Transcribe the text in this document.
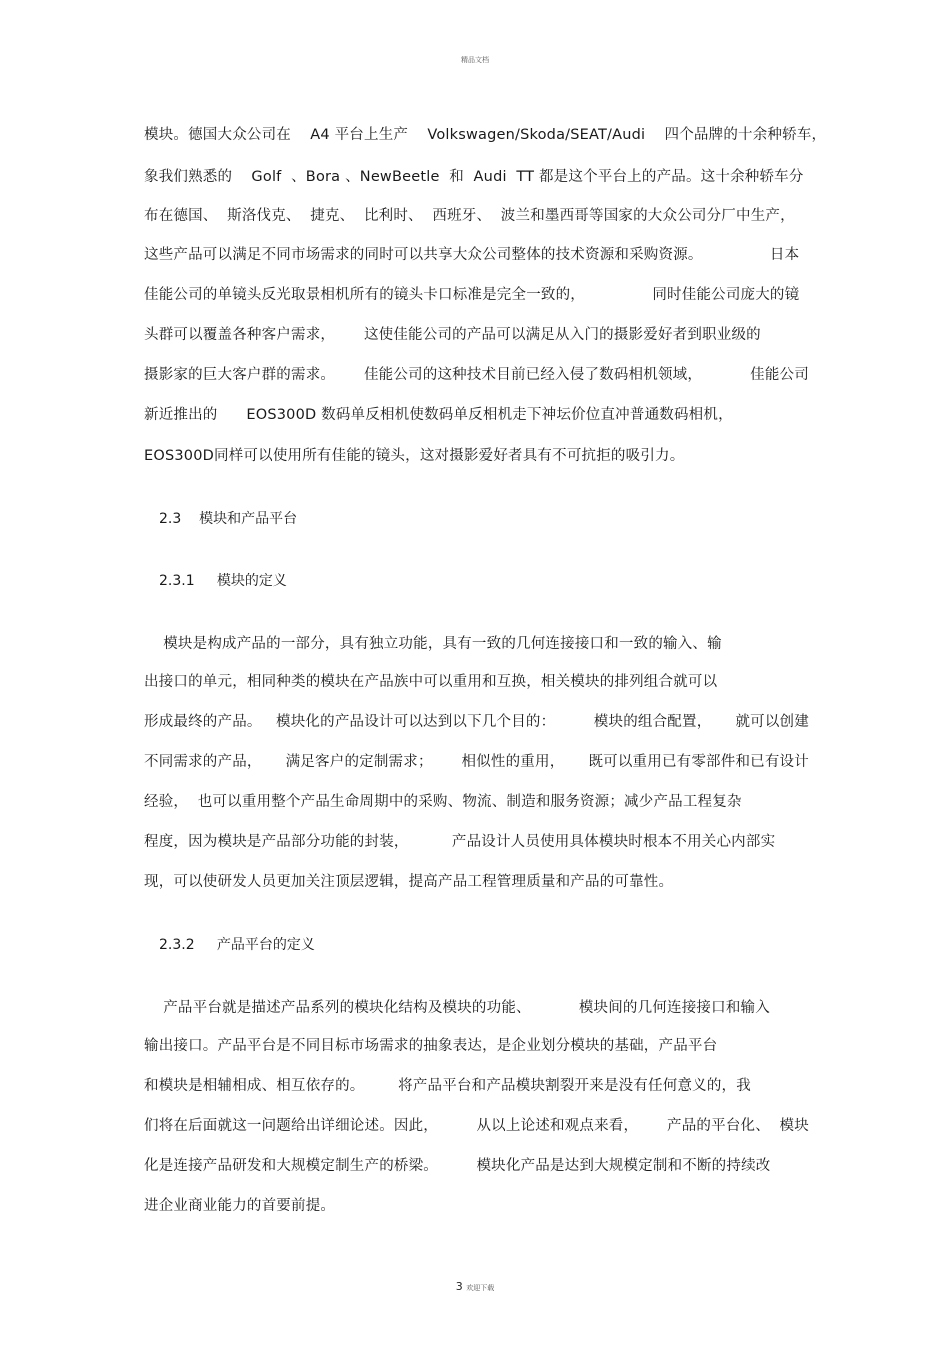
精品文档
模块。德国大众公司在    A4 平台上生产    Volkswagen/Skoda/SEAT/Audi    四个品牌的十余种轿车，
象我们熟悉的    Golf  、Bora 、NewBeetle  和  Audi  TT 都是这个平台上的产品。这十余种轿车分
布在德国、  斯洛伐克、  捷克、  比利时、  西班牙、  波兰和墨西哥等国家的大众公司分厂中生产，
这些产品可以满足不同市场需求的同时可以共享大众公司整体的技术资源和采购资源。              日本
佳能公司的单镜头反光取景相机所有的镜头卡口标准是完全一致的，              同时佳能公司庞大的镜
头群可以覆盖各种客户需求，      这使佳能公司的产品可以满足从入门的摄影爱好者到职业级的
摄影家的巨大客户群的需求。      佳能公司的这种技术目前已经入侵了数码相机领域，          佳能公司
新近推出的      EOS300D 数码单反相机使数码单反相机走下神坛价位直冲普通数码相机，
EOS300D同样可以使用所有佳能的镜头，这对摄影爱好者具有不可抗拒的吸引力。
2.3    模块和产品平台
2.3.1     模块的定义
模块是构成产品的一部分，具有独立功能，具有一致的几何连接接口和一致的输入、输
出接口的单元，相同种类的模块在产品族中可以重用和互换，相关模块的排列组合就可以
形成最终的产品。   模块化的产品设计可以达到以下几个目的：        模块的组合配置，     就可以创建
不同需求的产品，     满足客户的定制需求；      相似性的重用，     既可以重用已有零部件和已有设计
经验，  也可以重用整个产品生命周期中的采购、物流、制造和服务资源；减少产品工程复杂
程度，因为模块是产品部分功能的封装，         产品设计人员使用具体模块时根本不用关心内部实
现，可以使研发人员更加关注顶层逻辑，提高产品工程管理质量和产品的可靠性。
2.3.2     产品平台的定义
产品平台就是描述产品系列的模块化结构及模块的功能、          模块间的几何连接接口和输入
输出接口。产品平台是不同目标市场需求的抽象表达，是企业划分模块的基础，产品平台
和模块是相辅相成、相互依存的。       将产品平台和产品模块割裂开来是没有任何意义的，我
们将在后面就这一问题给出详细论述。因此，        从以上论述和观点来看，      产品的平台化、  模块
化是连接产品研发和大规模定制生产的桥梁。        模块化产品是达到大规模定制和不断的持续改
进企业商业能力的首要前提。
3 欢迎下载
